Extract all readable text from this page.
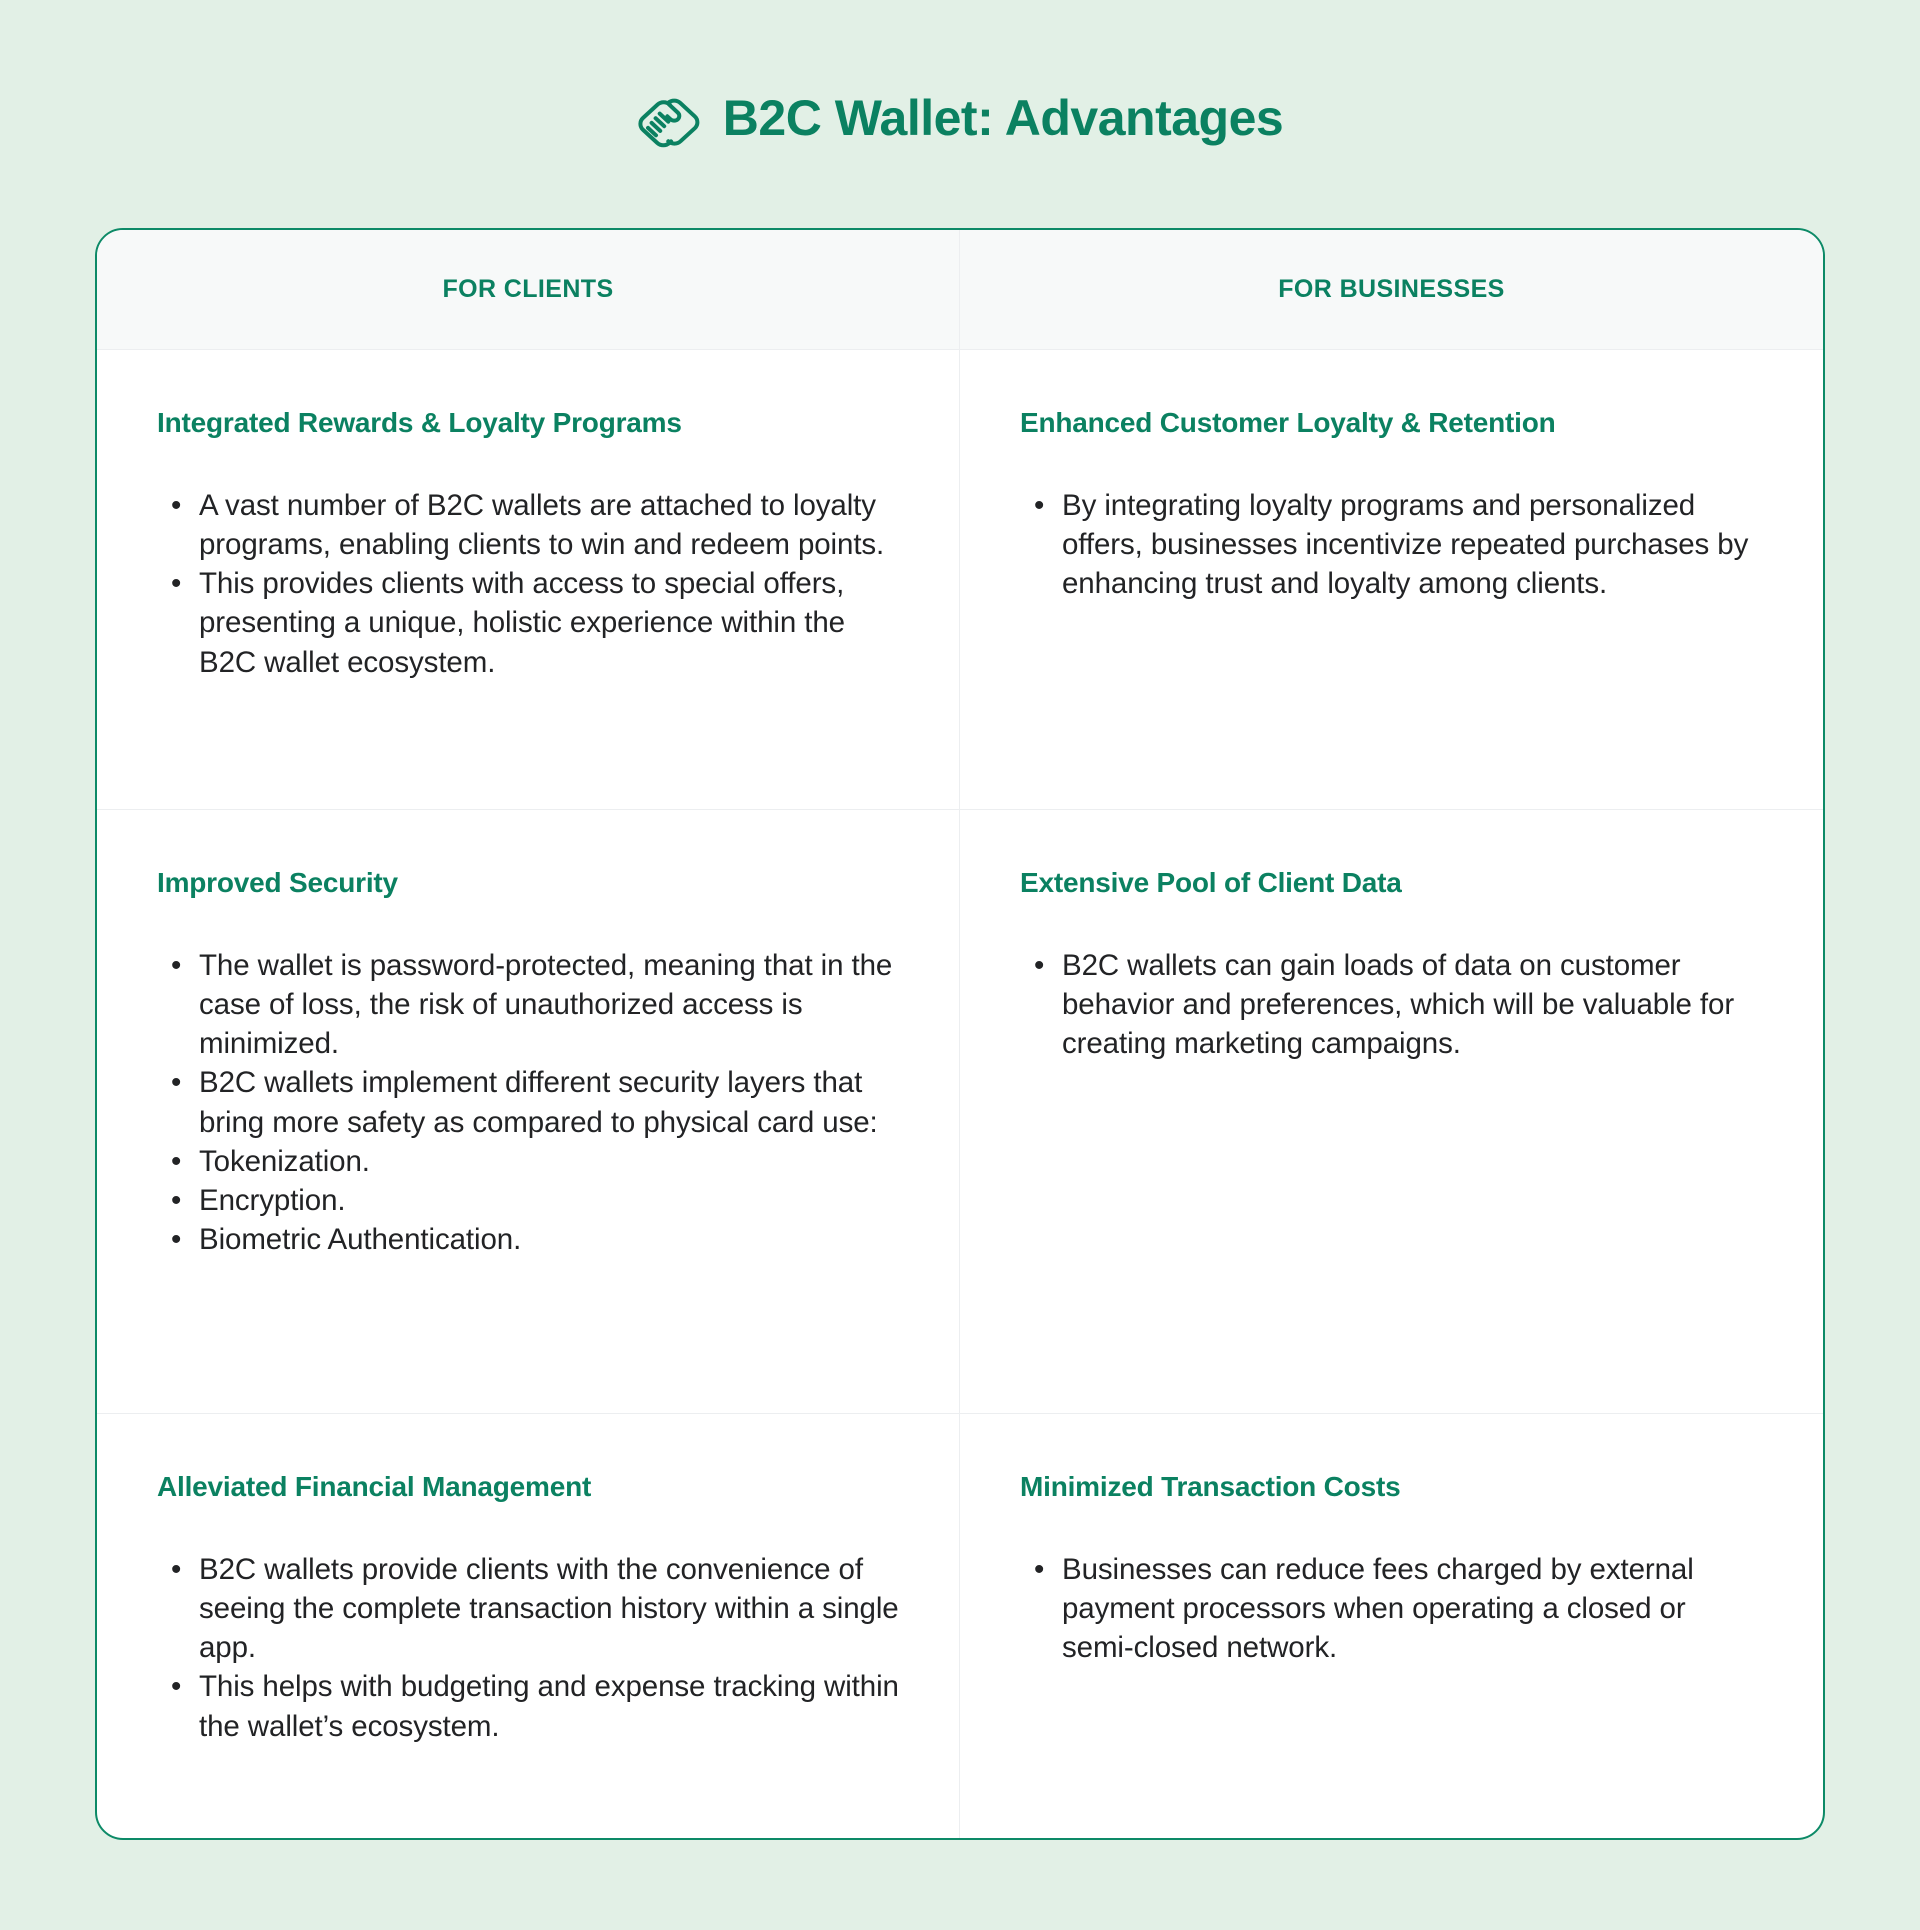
B2C Wallet: Advantages
FOR CLIENTS	FOR BUSINESSES
Integrated Rewards & Loyalty Programs
• A vast number of B2C wallets are attached to loyalty programs, enabling clients to win and redeem points.
• This provides clients with access to special offers, presenting a unique, holistic experience within the B2C wallet ecosystem.
Enhanced Customer Loyalty & Retention
• By integrating loyalty programs and personalized offers, businesses incentivize repeated purchases by enhancing trust and loyalty among clients.
Improved Security
• The wallet is password-protected, meaning that in the case of loss, the risk of unauthorized access is minimized.
• B2C wallets implement different security layers that bring more safety as compared to physical card use:
• Tokenization.
• Encryption.
• Biometric Authentication.
Extensive Pool of Client Data
• B2C wallets can gain loads of data on customer behavior and preferences, which will be valuable for creating marketing campaigns.
Alleviated Financial Management
• B2C wallets provide clients with the convenience of seeing the complete transaction history within a single app.
• This helps with budgeting and expense tracking within the wallet’s ecosystem.
Minimized Transaction Costs
• Businesses can reduce fees charged by external payment processors when operating a closed or semi-closed network.
